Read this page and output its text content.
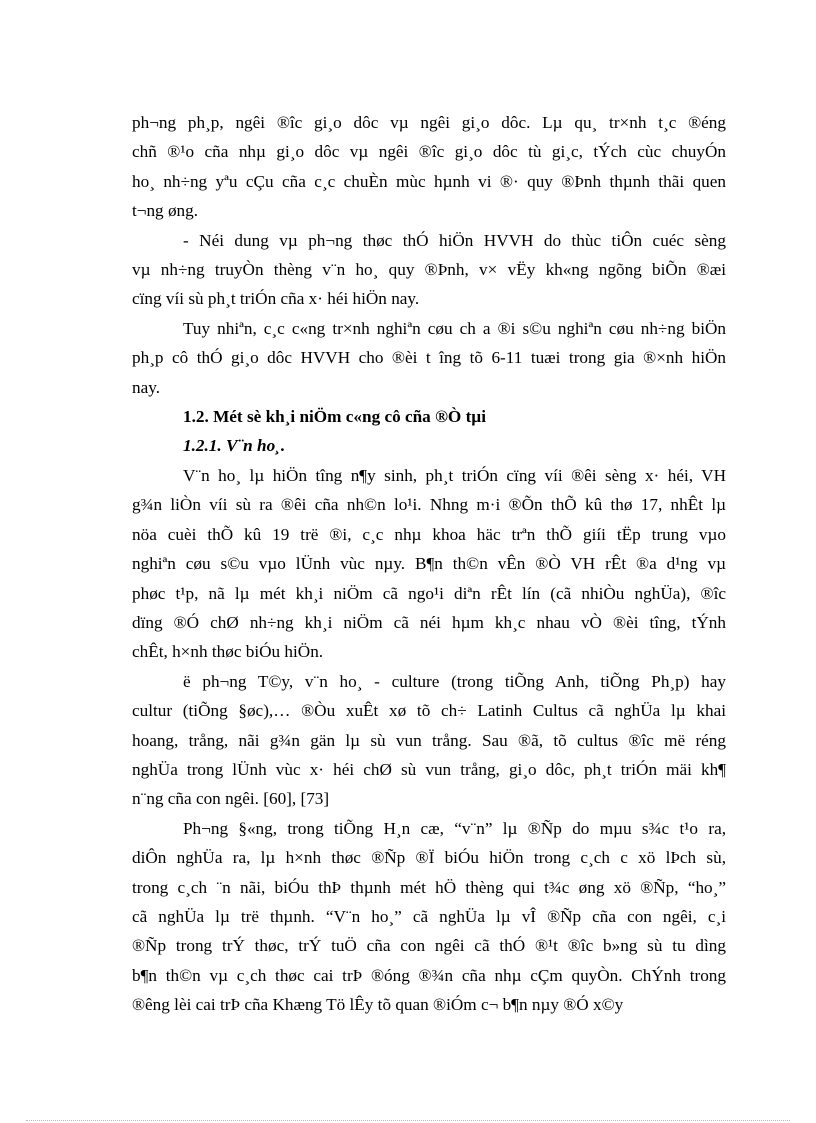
ph¬ng ph¸p, ngêi ®îc gi¸o dôc vµ ngêi gi¸o dôc. Lµ qu¸ tr×nh t¸c ®éng
chñ ®¹o cña nhµ gi¸o dôc vµ ngêi ®îc gi¸o dôc tù gi¸c, tÝch cùc chuyÓn
ho¸ nh÷ng yªu cÇu cña c¸c chuÈn mùc hµnh vi ®· quy ®Þnh thµnh thãi quen
t¬ng øng.

- Néi dung vµ ph¬ng thøc thÓ hiÖn HVVH do thùc tiÔn cuéc sèng
vµ nh÷ng truyÒn thèng v¨n ho¸ quy ®Þnh, v× vËy kh«ng ngõng biÕn ®æi
cïng víi sù ph¸t triÓn cña x· héi hiÖn nay.

Tuy nhiªn, c¸c c«ng tr×nh nghiªn cøu ch a ®i s©u nghiªn cøu nh÷ng biÖn
ph¸p cô thÓ gi¸o dôc HVVH cho ®èi t îng tõ 6-11 tuæi trong gia ®×nh hiÖn
nay.

1.2. Mét sè kh¸i niÖm c«ng cô cña ®Ò tµi

1.2.1. V¨n ho¸.

V¨n ho¸ lµ hiÖn tîng n¶y sinh, ph¸t triÓn cïng víi ®êi sèng x· héi, VH
g¾n liÒn víi sù ra ®êi cña nh©n lo¹i. Nhng m·i ®Õn thÕ kû thø 17, nhÊt lµ
nöa cuèi thÕ kû 19 trë ®i, c¸c nhµ khoa häc trªn thÕ giíi tËp trung vµo
nghiªn cøu s©u vµo lÜnh vùc nµy. B¶n th©n vÊn ®Ò VH rÊt ®a d¹ng vµ
phøc t¹p, nã lµ mét kh¸i niÖm cã ngo¹i diªn rÊt lín (cã nhiÒu nghÜa), ®îc
dïng ®Ó chØ nh÷ng kh¸i niÖm cã néi hµm kh¸c nhau vÒ ®èi tîng, tÝnh
chÊt, h×nh thøc biÓu hiÖn.

ë ph¬ng T©y, v¨n ho¸ - culture (trong tiÕng Anh, tiÕng Ph¸p) hay
cultur (tiÕng §øc),… ®Òu xuÊt xø tõ ch÷ Latinh Cultus cã nghÜa lµ khai
hoang, trång, nãi g¾n gän lµ sù vun trång. Sau ®ã, tõ cultus ®îc më réng
nghÜa trong lÜnh vùc x· héi chØ sù vun trång, gi¸o dôc, ph¸t triÓn mäi kh¶
n¨ng cña con ngêi. [60], [73]

Ph¬ng §«ng, trong tiÕng H¸n cæ, “v¨n” lµ ®Ñp do mµu s¾c t¹o ra,
diÔn nghÜa ra, lµ h×nh thøc ®Ñp ®Ï biÓu hiÖn trong c¸ch c xö lÞch sù,
trong c¸ch ¨n nãi, biÓu thÞ thµnh mét hÖ thèng qui t¾c øng xö ®Ñp, “ho¸”
cã nghÜa lµ trë thµnh. “V¨n ho¸” cã nghÜa lµ vÎ ®Ñp cña con ngêi, c¸i
®Ñp trong trÝ thøc, trÝ tuÖ cña con ngêi cã thÓ ®¹t ®îc b»ng sù tu dìng
b¶n th©n vµ c¸ch thøc cai trÞ ®óng ®¾n cña nhµ cÇm quyÒn. ChÝnh trong
®êng lèi cai trÞ cña Khæng Tö lÊy tõ quan ®iÓm c¬ b¶n nµy ®Ó x©y
